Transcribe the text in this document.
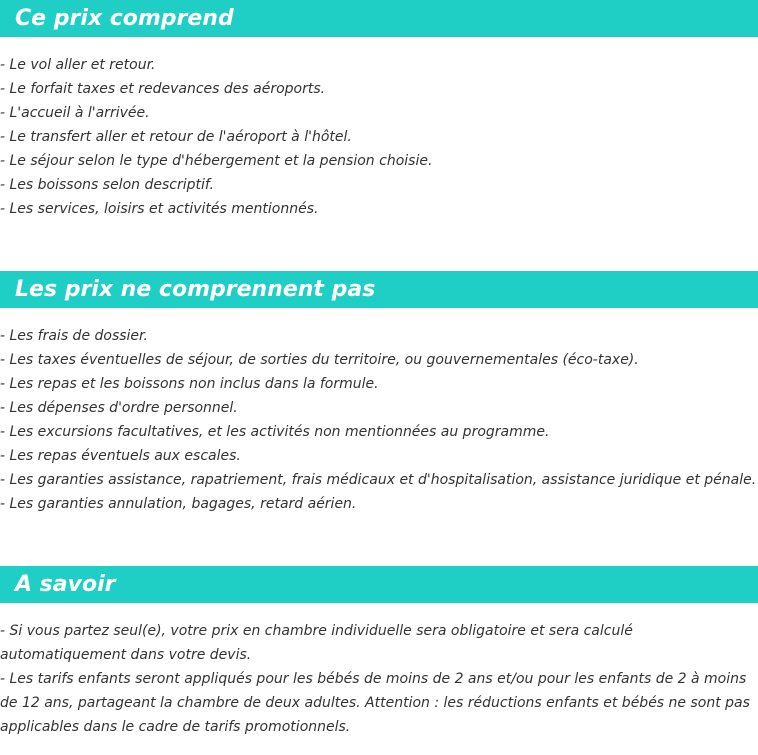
Ce prix comprend
- Le vol aller et retour.
- Le forfait taxes et redevances des aéroports.
- L'accueil à l'arrivée.
- Le transfert aller et retour de l'aéroport à l'hôtel.
- Le séjour selon le type d'hébergement et la pension choisie.
- Les boissons selon descriptif.
- Les services, loisirs et activités mentionnés.
Les prix ne comprennent pas
- Les frais de dossier.
- Les taxes éventuelles de séjour, de sorties du territoire, ou gouvernementales (éco-taxe).
- Les repas et les boissons non inclus dans la formule.
- Les dépenses d'ordre personnel.
- Les excursions facultatives, et les activités non mentionnées au programme.
- Les repas éventuels aux escales.
- Les garanties assistance, rapatriement, frais médicaux et d'hospitalisation, assistance juridique et pénale.
- Les garanties annulation, bagages, retard aérien.
A savoir

- Si vous partez seul(e), votre prix en chambre individuelle sera obligatoire et sera calculé automatiquement dans votre devis.

- Les tarifs enfants seront appliqués pour les bébés de moins de 2 ans et/ou pour les enfants de 2 à moins de 12 ans, partageant la chambre de deux adultes. Attention : les réductions enfants et bébés ne sont pas applicables dans le cadre de tarifs promotionnels.
